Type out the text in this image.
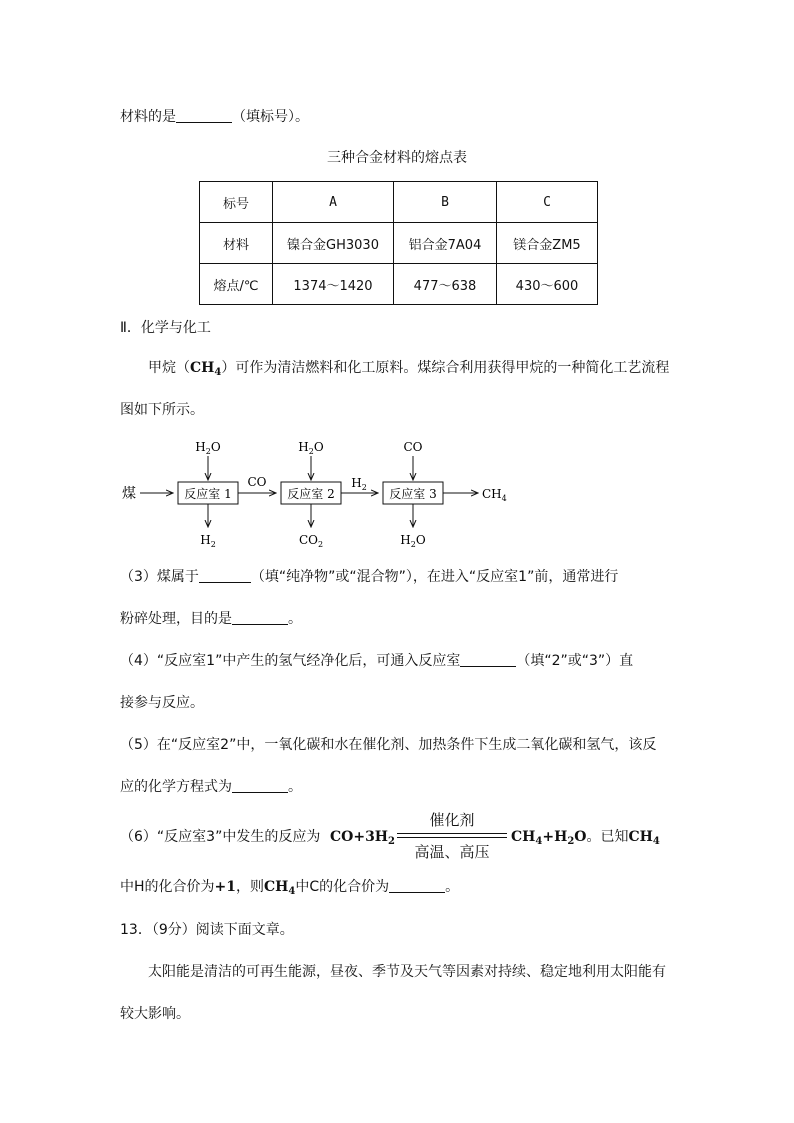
材料的是	（填标号）。
三种合金材料的熔点表
标号	A	B	C
材料	镍合金GH3030	铝合金7A04	镁合金ZM5
熔点/℃	1374～1420	477～638	430～600
Ⅱ．化学与化工
甲烷$(CH_4)$可作为清洁燃料和化工原料。煤综合利用获得甲烷的一种简化工艺流程
图如下所示。
煤	反应室 1	反应室 2	反应室 3
CO	$H_2$	$CH_4$
$H_2O$	$H_2O$	CO
$H_2$	$CO_2$	$H_2O$
（3）煤属于	（填“纯净物”或“混合物”），在进入“反应室1”前，通常进行
粉碎处理，目的是	。
（4）“反应室1”中产生的氢气经净化后，可通入反应室	（填“2”或“3”）直
接参与反应。
（5）在“反应室2”中，一氧化碳和水在催化剂、加热条件下生成二氧化碳和氢气，该反
应的化学方程式为	。
（6）“反应室3”中发生的反应为 $CO+3H_2$
催化剂
高温、高压
$CH_4+H_2O$。已知$CH_4$
中H的化合价为+1，则$CH_4$中C的化合价为	。
13．（9分）阅读下面文章。
太阳能是清洁的可再生能源，昼夜、季节及天气等因素对持续、稳定地利用太阳能有
较大影响。
